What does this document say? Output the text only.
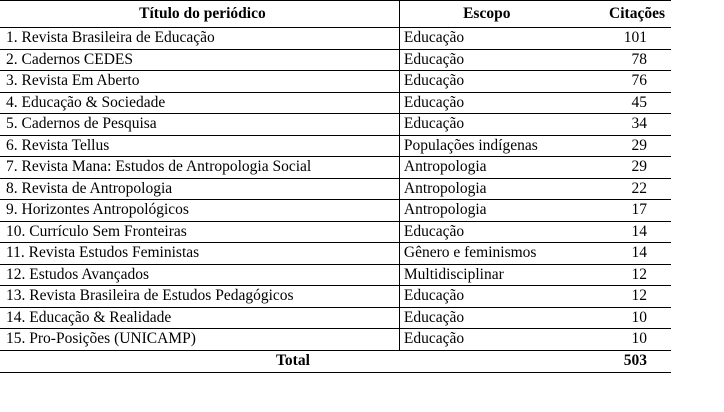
Título do periódico	Escopo	Citações
1. Revista Brasileira de Educação	Educação	101
2. Cadernos CEDES	Educação	78
3. Revista Em Aberto	Educação	76
4. Educação & Sociedade	Educação	45
5. Cadernos de Pesquisa	Educação	34
6. Revista Tellus	Populações indígenas	29
7. Revista Mana: Estudos de Antropologia Social	Antropologia	29
8. Revista de Antropologia	Antropologia	22
9. Horizontes Antropológicos	Antropologia	17
10. Currículo Sem Fronteiras	Educação	14
11. Revista Estudos Feministas	Gênero e feminismos	14
12. Estudos Avançados	Multidisciplinar	12
13. Revista Brasileira de Estudos Pedagógicos	Educação	12
14. Educação & Realidade	Educação	10
15. Pro-Posições (UNICAMP)	Educação	10
Total		503
